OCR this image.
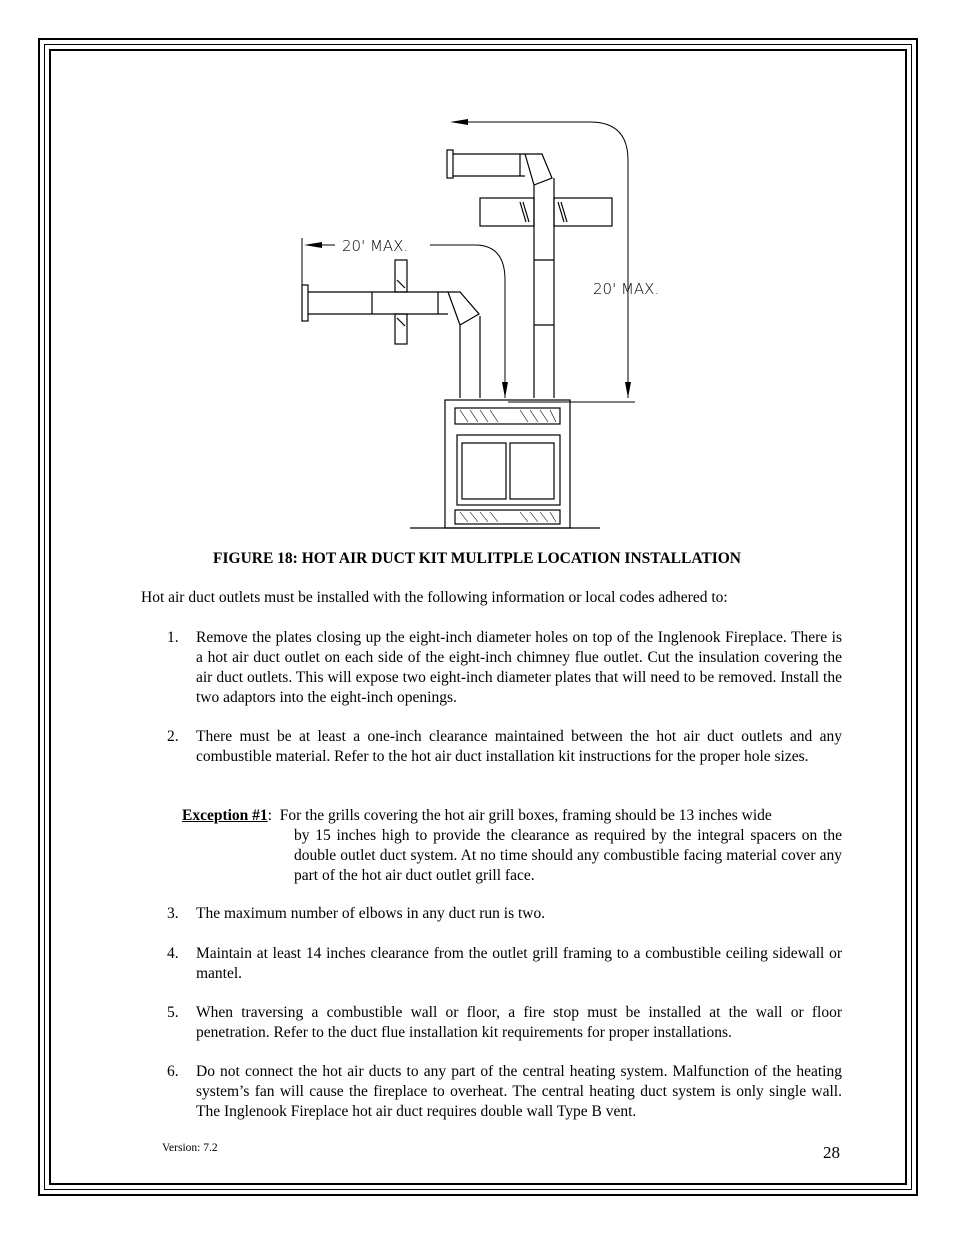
20' MAX.
20' MAX.
FIGURE 18: HOT AIR DUCT KIT MULITPLE LOCATION INSTALLATION
Hot air duct outlets must be installed with the following information or local codes adhered to:
1. Remove the plates closing up the eight-inch diameter holes on top of the Inglenook Fireplace. There is a hot air duct outlet on each side of the eight-inch chimney flue outlet. Cut the insulation covering the air duct outlets. This will expose two eight-inch diameter plates that will need to be removed. Install the two adaptors into the eight-inch openings.
2. There must be at least a one-inch clearance maintained between the hot air duct outlets and any combustible material. Refer to the hot air duct installation kit instructions for the proper hole sizes.
Exception #1:  For the grills covering the hot air grill boxes, framing should be 13 inches wide
by 15 inches high to provide the clearance as required by the integral spacers on the double outlet duct system. At no time should any combustible facing material cover any part of the hot air duct outlet grill face.
3. The maximum number of elbows in any duct run is two.
4. Maintain at least 14 inches clearance from the outlet grill framing to a combustible ceiling sidewall or mantel.
5. When traversing a combustible wall or floor, a fire stop must be installed at the wall or floor penetration. Refer to the duct flue installation kit requirements for proper installations.
6. Do not connect the hot air ducts to any part of the central heating system. Malfunction of the heating system’s fan will cause the fireplace to overheat. The central heating duct system is only single wall. The Inglenook Fireplace hot air duct requires double wall Type B vent.
Version: 7.2	28
